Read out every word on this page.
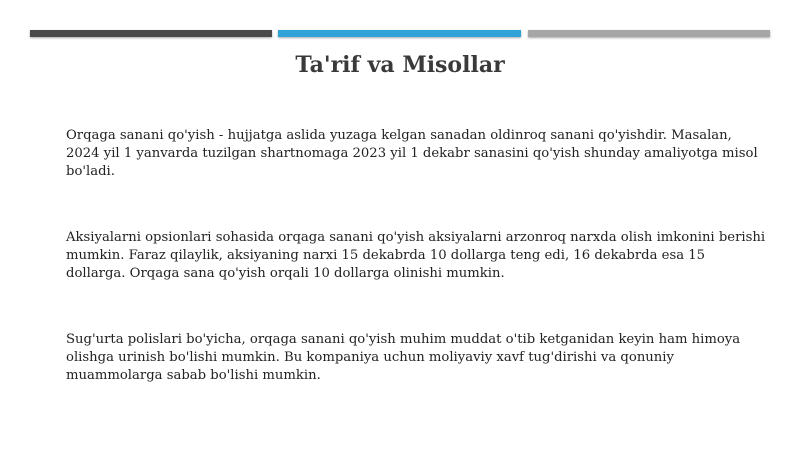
Ta'rif va Misollar

Orqaga sanani qo'yish - hujjatga aslida yuzaga kelgan sanadan oldinroq sanani qo'yishdir. Masalan, 2024 yil 1 yanvarda tuzilgan shartnomaga 2023 yil 1 dekabr sanasini qo'yish shunday amaliyotga misol bo'ladi.

Aksiyalarni opsionlari sohasida orqaga sanani qo'yish aksiyalarni arzonroq narxda olish imkonini berishi mumkin. Faraz qilaylik, aksiyaning narxi 15 dekabrda 10 dollarga teng edi, 16 dekabrda esa 15 dollarga. Orqaga sana qo'yish orqali 10 dollarga olinishi mumkin.

Sug'urta polislari bo'yicha, orqaga sanani qo'yish muhim muddat o'tib ketganidan keyin ham himoya olishga urinish bo'lishi mumkin. Bu kompaniya uchun moliyaviy xavf tug'dirishi va qonuniy muammolarga sabab bo'lishi mumkin.
